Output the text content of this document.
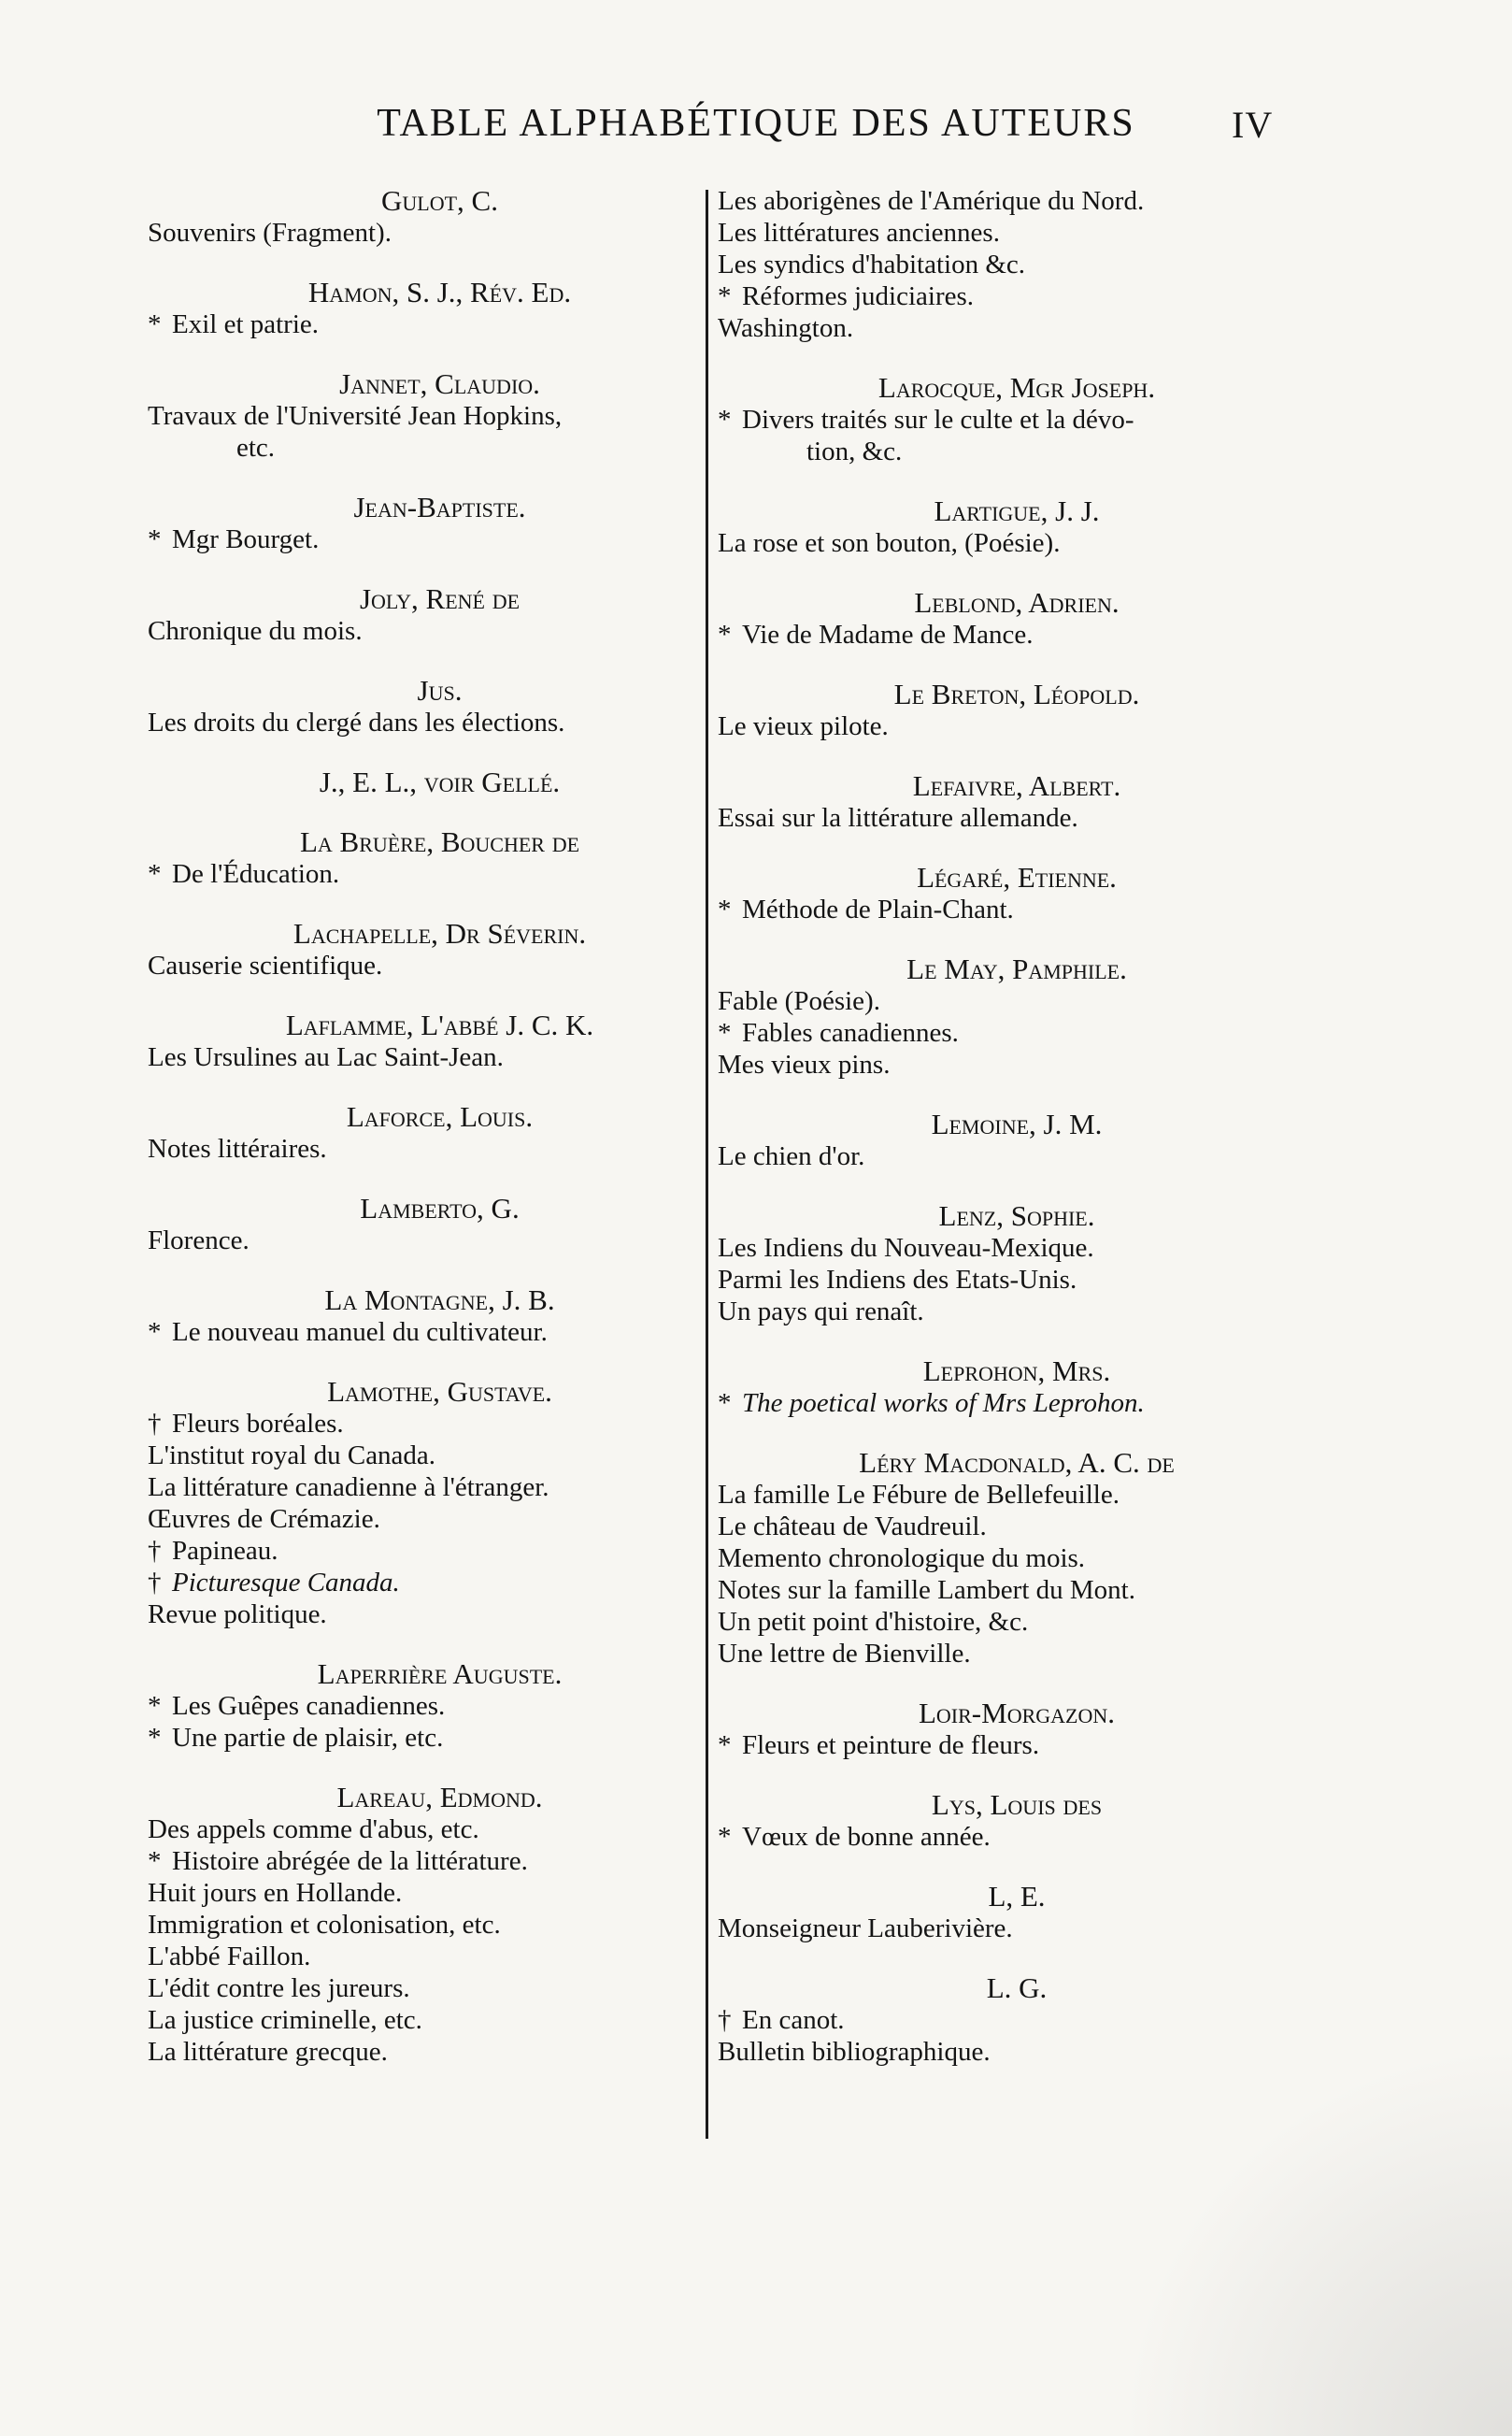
TABLE ALPHABÉTIQUE DES AUTEURS	IV
Gulot, C.
Souvenirs (Fragment).
Hamon, S. J., Rév. Ed.
* Exil et patrie.
Jannet, Claudio.
Travaux de l'Université Jean Hopkins,
etc.
Jean-Baptiste.
* Mgr Bourget.
Joly, René de
Chronique du mois.
Jus.
Les droits du clergé dans les élections.
J., E. L., voir Gellé.
La Bruère, Boucher de
* De l'Éducation.
Lachapelle, Dr Séverin.
Causerie scientifique.
Laflamme, L'abbé J. C. K.
Les Ursulines au Lac Saint-Jean.
Laforce, Louis.
Notes littéraires.
Lamberto, G.
Florence.
La Montagne, J. B.
* Le nouveau manuel du cultivateur.
Lamothe, Gustave.
† Fleurs boréales.
L'institut royal du Canada.
La littérature canadienne à l'étranger.
Œuvres de Crémazie.
† Papineau.
† Picturesque Canada.
Revue politique.
Laperrière Auguste.
* Les Guêpes canadiennes.
* Une partie de plaisir, etc.
Lareau, Edmond.
Des appels comme d'abus, etc.
* Histoire abrégée de la littérature.
Huit jours en Hollande.
Immigration et colonisation, etc.
L'abbé Faillon.
L'édit contre les jureurs.
La justice criminelle, etc.
La littérature grecque.
Les aborigènes de l'Amérique du Nord.
Les littératures anciennes.
Les syndics d'habitation &c.
* Réformes judiciaires.
Washington.
Larocque, Mgr Joseph.
* Divers traités sur le culte et la dévo-
tion, &c.
Lartigue, J. J.
La rose et son bouton, (Poésie).
Leblond, Adrien.
* Vie de Madame de Mance.
Le Breton, Léopold.
Le vieux pilote.
Lefaivre, Albert.
Essai sur la littérature allemande.
Légaré, Etienne.
* Méthode de Plain-Chant.
Le May, Pamphile.
Fable (Poésie).
* Fables canadiennes.
Mes vieux pins.
Lemoine, J. M.
Le chien d'or.
Lenz, Sophie.
Les Indiens du Nouveau-Mexique.
Parmi les Indiens des Etats-Unis.
Un pays qui renaît.
Leprohon, Mrs.
* The poetical works of Mrs Leprohon.
Léry Macdonald, A. C. de
La famille Le Fébure de Bellefeuille.
Le château de Vaudreuil.
Memento chronologique du mois.
Notes sur la famille Lambert du Mont.
Un petit point d'histoire, &c.
Une lettre de Bienville.
Loir-Morgazon.
* Fleurs et peinture de fleurs.
Lys, Louis des
* Vœux de bonne année.
L, E.
Monseigneur Lauberivière.
L. G.
† En canot.
Bulletin bibliographique.
